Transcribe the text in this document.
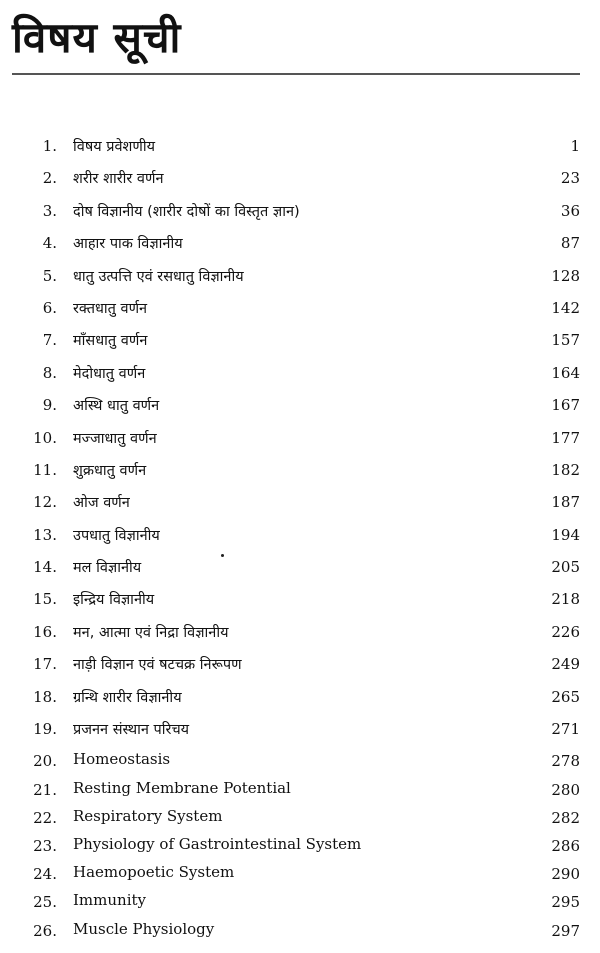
विषय सूची
1. विषय प्रवेशणीय	1
2. शरीर शारीर वर्णन	23
3. दोष विज्ञानीय (शारीर दोषों का विस्तृत ज्ञान)	36
4. आहार पाक विज्ञानीय	87
5. धातु उत्पत्ति एवं रसधातु विज्ञानीय	128
6. रक्तधातु वर्णन	142
7. माँसधातु वर्णन	157
8. मेदोधातु वर्णन	164
9. अस्थि धातु वर्णन	167
10. मज्जाधातु वर्णन	177
11. शुक्रधातु वर्णन	182
12. ओज वर्णन	187
13. उपधातु विज्ञानीय	194
14. मल विज्ञानीय	205
15. इन्द्रिय विज्ञानीय	218
16. मन, आत्मा एवं निद्रा विज्ञानीय	226
17. नाड़ी विज्ञान एवं षटचक्र निरूपण	249
18. ग्रन्थि शारीर विज्ञानीय	265
19. प्रजनन संस्थान परिचय	271
20. Homeostasis	278
21. Resting Membrane Potential	280
22. Respiratory System	282
23. Physiology of Gastrointestinal System	286
24. Haemopoetic System	290
25. Immunity	295
26. Muscle Physiology	297
